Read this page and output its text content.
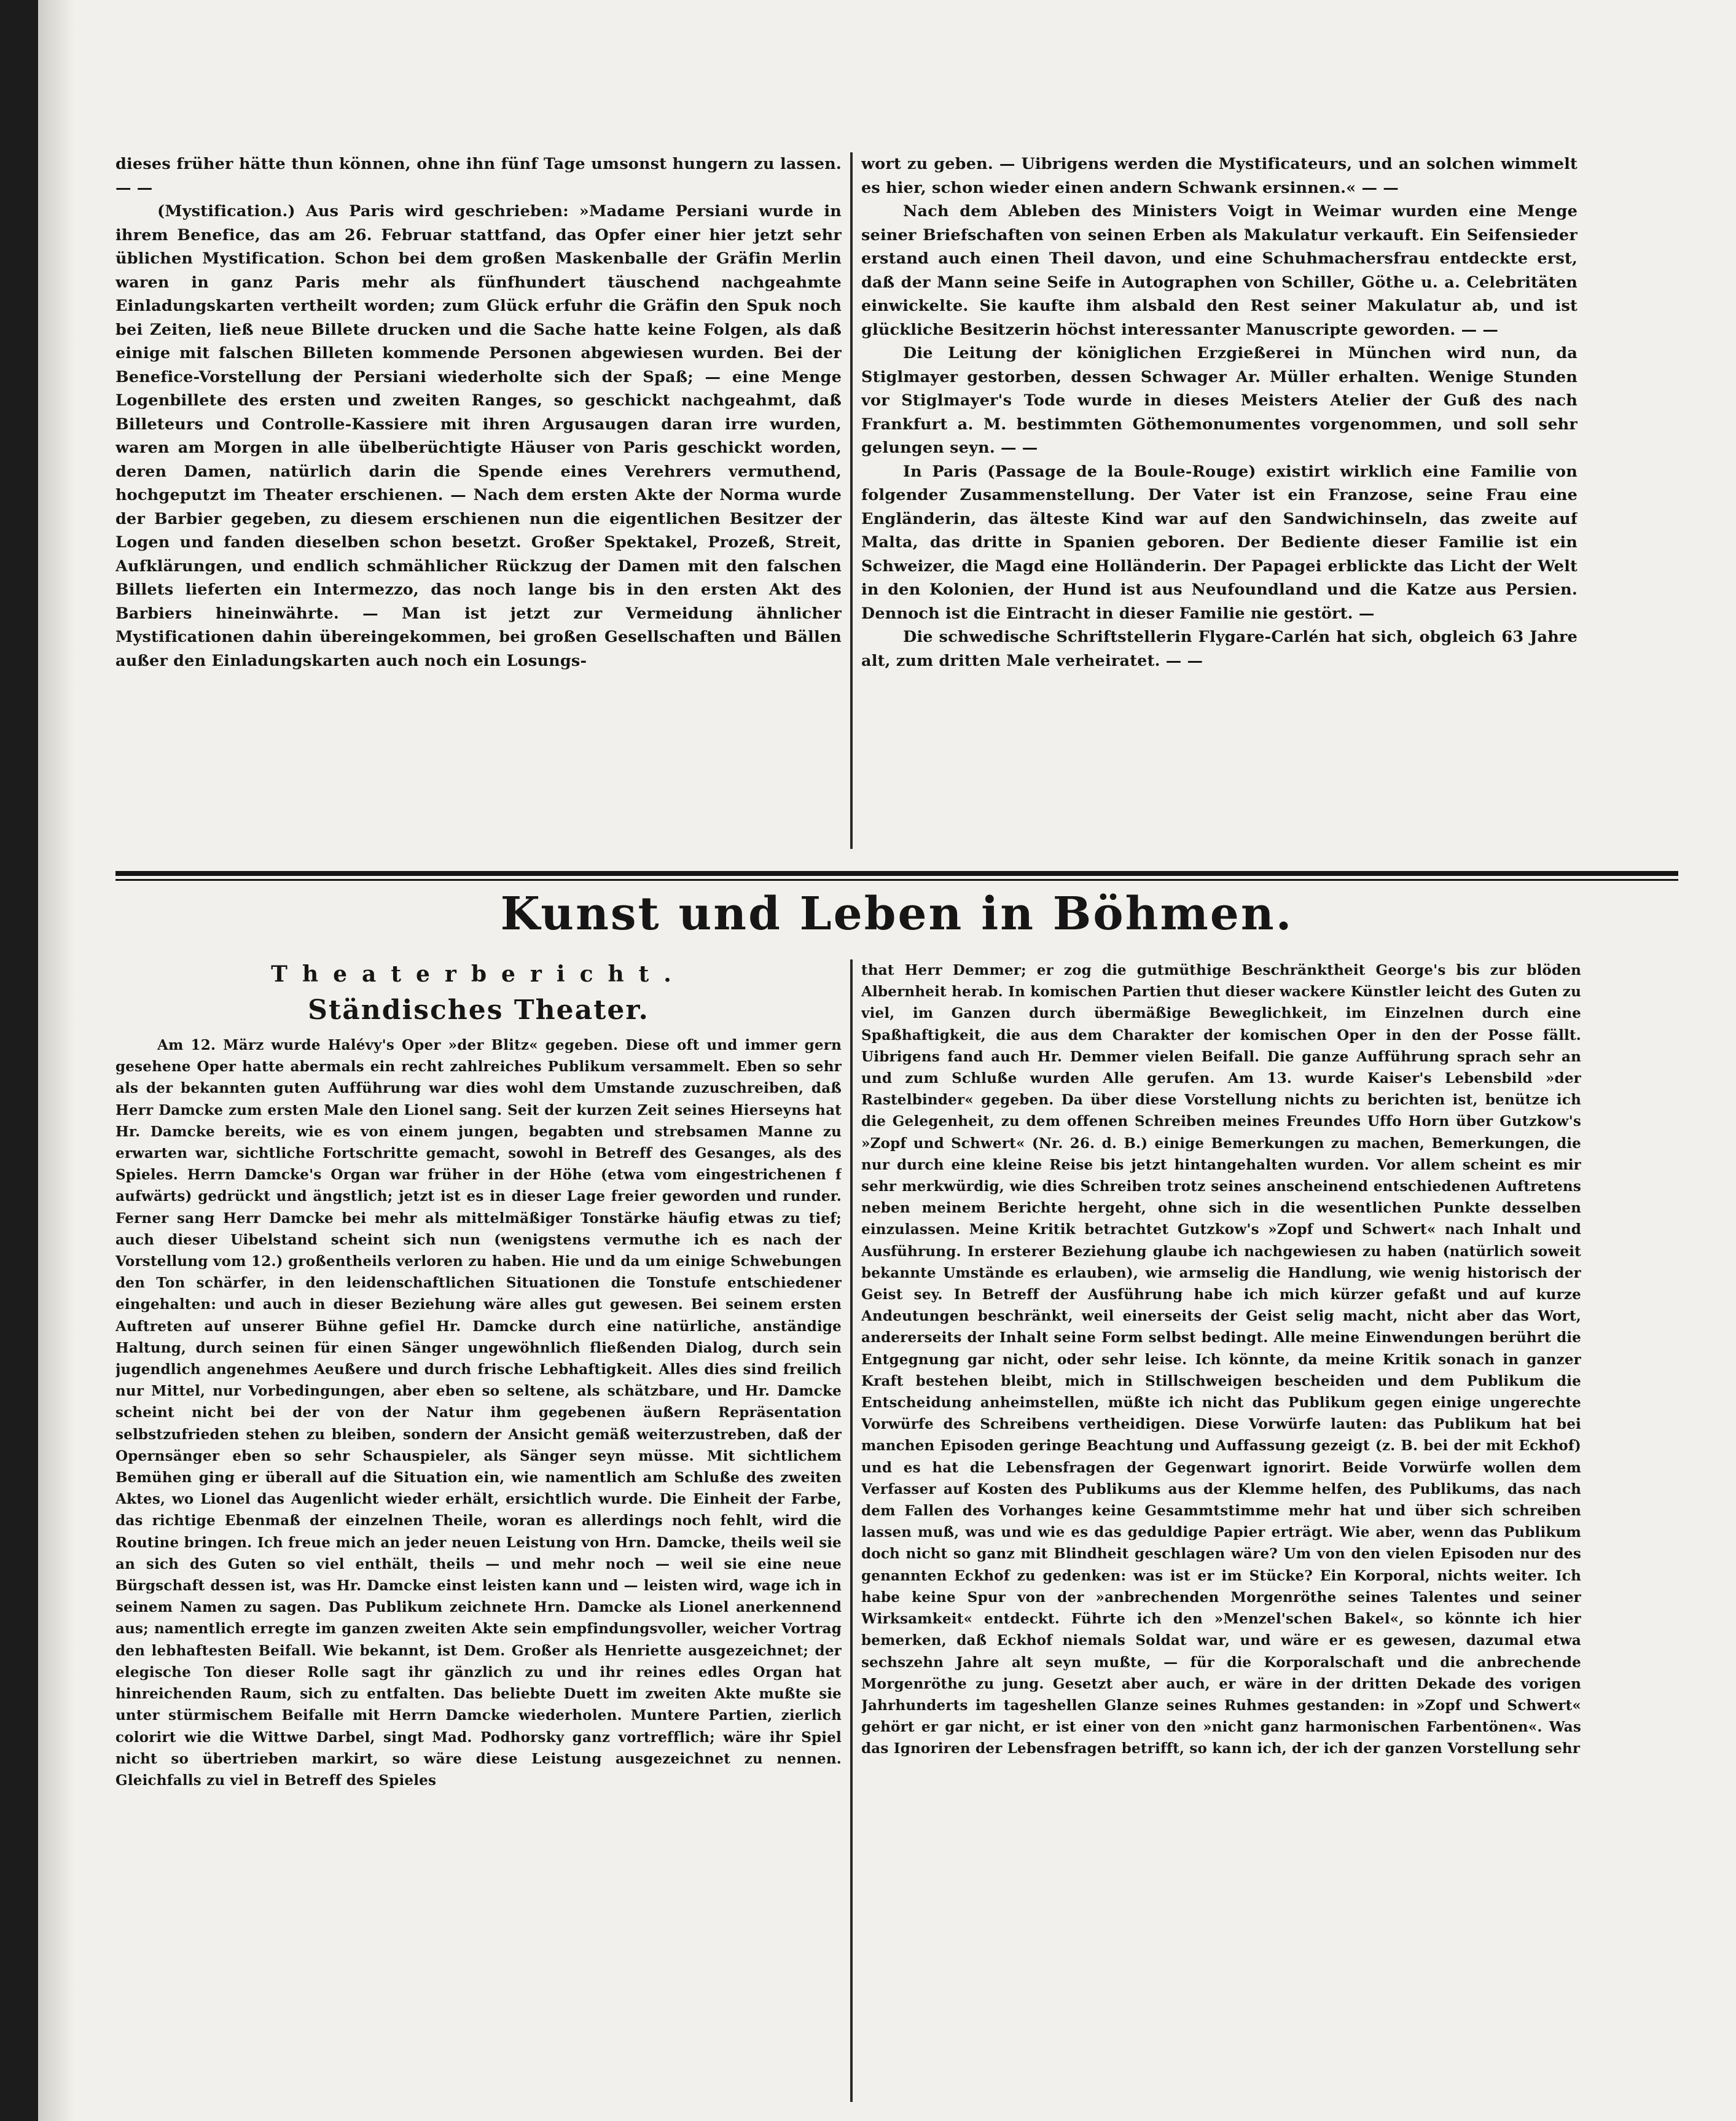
dieses früher hätte thun können, ohne ihn fünf Tage umsonst hungern zu lassen. — —

(Mystification.) Aus Paris wird geschrieben: »Madame Persiani wurde in ihrem Benefice, das am 26. Februar stattfand, das Opfer einer hier jetzt sehr üblichen Mystification. Schon bei dem großen Maskenballe der Gräfin Merlin waren in ganz Paris mehr als fünfhundert täuschend nachgeahmte Einladungskarten vertheilt worden; zum Glück erfuhr die Gräfin den Spuk noch bei Zeiten, ließ neue Billete drucken und die Sache hatte keine Folgen, als daß einige mit falschen Billeten kommende Personen abgewiesen wurden. Bei der Benefice-Vorstellung der Persiani wiederholte sich der Spaß; — eine Menge Logenbillete des ersten und zweiten Ranges, so geschickt nachgeahmt, daß Billeteurs und Controlle-Kassiere mit ihren Argusaugen daran irre wurden, waren am Morgen in alle übelberüchtigte Häuser von Paris geschickt worden, deren Damen, natürlich darin die Spende eines Verehrers vermuthend, hochgeputzt im Theater erschienen. — Nach dem ersten Akte der Norma wurde der Barbier gegeben, zu diesem erschienen nun die eigentlichen Besitzer der Logen und fanden dieselben schon besetzt. Großer Spektakel, Prozeß, Streit, Aufklärungen, und endlich schmählicher Rückzug der Damen mit den falschen Billets lieferten ein Intermezzo, das noch lange bis in den ersten Akt des Barbiers hineinwährte. — Man ist jetzt zur Vermeidung ähnlicher Mystificationen dahin übereingekommen, bei großen Gesellschaften und Bällen außer den Einladungskarten auch noch ein Losungs-

wort zu geben. — Uibrigens werden die Mystificateurs, und an solchen wimmelt es hier, schon wieder einen andern Schwank ersinnen.« — —

Nach dem Ableben des Ministers Voigt in Weimar wurden eine Menge seiner Briefschaften von seinen Erben als Makulatur verkauft. Ein Seifensieder erstand auch einen Theil davon, und eine Schuhmachersfrau entdeckte erst, daß der Mann seine Seife in Autographen von Schiller, Göthe u. a. Celebritäten einwickelte. Sie kaufte ihm alsbald den Rest seiner Makulatur ab, und ist glückliche Besitzerin höchst interessanter Manuscripte geworden. — —

Die Leitung der königlichen Erzgießerei in München wird nun, da Stiglmayer gestorben, dessen Schwager Ar. Müller erhalten. Wenige Stunden vor Stiglmayer's Tode wurde in dieses Meisters Atelier der Guß des nach Frankfurt a. M. bestimmten Göthemonumentes vorgenommen, und soll sehr gelungen seyn. — —

In Paris (Passage de la Boule-Rouge) existirt wirklich eine Familie von folgender Zusammenstellung. Der Vater ist ein Franzose, seine Frau eine Engländerin, das älteste Kind war auf den Sandwichinseln, das zweite auf Malta, das dritte in Spanien geboren. Der Bediente dieser Familie ist ein Schweizer, die Magd eine Holländerin. Der Papagei erblickte das Licht der Welt in den Kolonien, der Hund ist aus Neufoundland und die Katze aus Persien. Dennoch ist die Eintracht in dieser Familie nie gestört. —

Die schwedische Schriftstellerin Flygare-Carlén hat sich, obgleich 63 Jahre alt, zum dritten Male verheiratet. — —

Kunst und Leben in Böhmen.
Theaterbericht.
Ständisches Theater.

Am 12. März wurde Halévy's Oper »der Blitz« gegeben. Diese oft und immer gern gesehene Oper hatte abermals ein recht zahlreiches Publikum versammelt. Eben so sehr als der bekannten guten Aufführung war dies wohl dem Umstande zuzuschreiben, daß Herr Damcke zum ersten Male den Lionel sang. Seit der kurzen Zeit seines Hierseyns hat Hr. Damcke bereits, wie es von einem jungen, begabten und strebsamen Manne zu erwarten war, sichtliche Fortschritte gemacht, sowohl in Betreff des Gesanges, als des Spieles. Herrn Damcke's Organ war früher in der Höhe (etwa vom eingestrichenen f aufwärts) gedrückt und ängstlich; jetzt ist es in dieser Lage freier geworden und runder. Ferner sang Herr Damcke bei mehr als mittelmäßiger Tonstärke häufig etwas zu tief; auch dieser Uibelstand scheint sich nun (wenigstens vermuthe ich es nach der Vorstellung vom 12.) großentheils verloren zu haben. Hie und da um einige Schwebungen den Ton schärfer, in den leidenschaftlichen Situationen die Tonstufe entschiedener eingehalten: und auch in dieser Beziehung wäre alles gut gewesen. Bei seinem ersten Auftreten auf unserer Bühne gefiel Hr. Damcke durch eine natürliche, anständige Haltung, durch seinen für einen Sänger ungewöhnlich fließenden Dialog, durch sein jugendlich angenehmes Aeußere und durch frische Lebhaftigkeit. Alles dies sind freilich nur Mittel, nur Vorbedingungen, aber eben so seltene, als schätzbare, und Hr. Damcke scheint nicht bei der von der Natur ihm gegebenen äußern Repräsentation selbstzufrieden stehen zu bleiben, sondern der Ansicht gemäß weiterzustreben, daß der Opernsänger eben so sehr Schauspieler, als Sänger seyn müsse. Mit sichtlichem Bemühen ging er überall auf die Situation ein, wie namentlich am Schluße des zweiten Aktes, wo Lionel das Augenlicht wieder erhält, ersichtlich wurde. Die Einheit der Farbe, das richtige Ebenmaß der einzelnen Theile, woran es allerdings noch fehlt, wird die Routine bringen. Ich freue mich an jeder neuen Leistung von Hrn. Damcke, theils weil sie an sich des Guten so viel enthält, theils — und mehr noch — weil sie eine neue Bürgschaft dessen ist, was Hr. Damcke einst leisten kann und — leisten wird, wage ich in seinem Namen zu sagen. Das Publikum zeichnete Hrn. Damcke als Lionel anerkennend aus; namentlich erregte im ganzen zweiten Akte sein empfindungsvoller, weicher Vortrag den lebhaftesten Beifall. Wie bekannt, ist Dem. Großer als Henriette ausgezeichnet; der elegische Ton dieser Rolle sagt ihr gänzlich zu und ihr reines edles Organ hat hinreichenden Raum, sich zu entfalten. Das beliebte Duett im zweiten Akte mußte sie unter stürmischem Beifalle mit Herrn Damcke wiederholen. Muntere Partien, zierlich colorirt wie die Wittwe Darbel, singt Mad. Podhorsky ganz vortrefflich; wäre ihr Spiel nicht so übertrieben markirt, so wäre diese Leistung ausgezeichnet zu nennen. Gleichfalls zu viel in Betreff des Spieles

that Herr Demmer; er zog die gutmüthige Beschränktheit George's bis zur blöden Albernheit herab. In komischen Partien thut dieser wackere Künstler leicht des Guten zu viel, im Ganzen durch übermäßige Beweglichkeit, im Einzelnen durch eine Spaßhaftigkeit, die aus dem Charakter der komischen Oper in den der Posse fällt. Uibrigens fand auch Hr. Demmer vielen Beifall. Die ganze Aufführung sprach sehr an und zum Schluße wurden Alle gerufen. Am 13. wurde Kaiser's Lebensbild »der Rastelbinder« gegeben. Da über diese Vorstellung nichts zu berichten ist, benütze ich die Gelegenheit, zu dem offenen Schreiben meines Freundes Uffo Horn über Gutzkow's »Zopf und Schwert« (Nr. 26. d. B.) einige Bemerkungen zu machen, Bemerkungen, die nur durch eine kleine Reise bis jetzt hintangehalten wurden. Vor allem scheint es mir sehr merkwürdig, wie dies Schreiben trotz seines anscheinend entschiedenen Auftretens neben meinem Berichte hergeht, ohne sich in die wesentlichen Punkte desselben einzulassen. Meine Kritik betrachtet Gutzkow's »Zopf und Schwert« nach Inhalt und Ausführung. In ersterer Beziehung glaube ich nachgewiesen zu haben (natürlich soweit bekannte Umstände es erlauben), wie armselig die Handlung, wie wenig historisch der Geist sey. In Betreff der Ausführung habe ich mich kürzer gefaßt und auf kurze Andeutungen beschränkt, weil einerseits der Geist selig macht, nicht aber das Wort, andererseits der Inhalt seine Form selbst bedingt. Alle meine Einwendungen berührt die Entgegnung gar nicht, oder sehr leise. Ich könnte, da meine Kritik sonach in ganzer Kraft bestehen bleibt, mich in Stillschweigen bescheiden und dem Publikum die Entscheidung anheimstellen, müßte ich nicht das Publikum gegen einige ungerechte Vorwürfe des Schreibens vertheidigen. Diese Vorwürfe lauten: das Publikum hat bei manchen Episoden geringe Beachtung und Auffassung gezeigt (z. B. bei der mit Eckhof) und es hat die Lebensfragen der Gegenwart ignorirt. Beide Vorwürfe wollen dem Verfasser auf Kosten des Publikums aus der Klemme helfen, des Publikums, das nach dem Fallen des Vorhanges keine Gesammtstimme mehr hat und über sich schreiben lassen muß, was und wie es das geduldige Papier erträgt. Wie aber, wenn das Publikum doch nicht so ganz mit Blindheit geschlagen wäre? Um von den vielen Episoden nur des genannten Eckhof zu gedenken: was ist er im Stücke? Ein Korporal, nichts weiter. Ich habe keine Spur von der »anbrechenden Morgenröthe seines Talentes und seiner Wirksamkeit« entdeckt. Führte ich den »Menzel'schen Bakel«, so könnte ich hier bemerken, daß Eckhof niemals Soldat war, und wäre er es gewesen, dazumal etwa sechszehn Jahre alt seyn mußte, — für die Korporalschaft und die anbrechende Morgenröthe zu jung. Gesetzt aber auch, er wäre in der dritten Dekade des vorigen Jahrhunderts im tageshellen Glanze seines Ruhmes gestanden: in »Zopf und Schwert« gehört er gar nicht, er ist einer von den »nicht ganz harmonischen Farbentönen«. Was das Ignoriren der Lebensfragen betrifft, so kann ich, der ich der ganzen Vorstellung sehr
